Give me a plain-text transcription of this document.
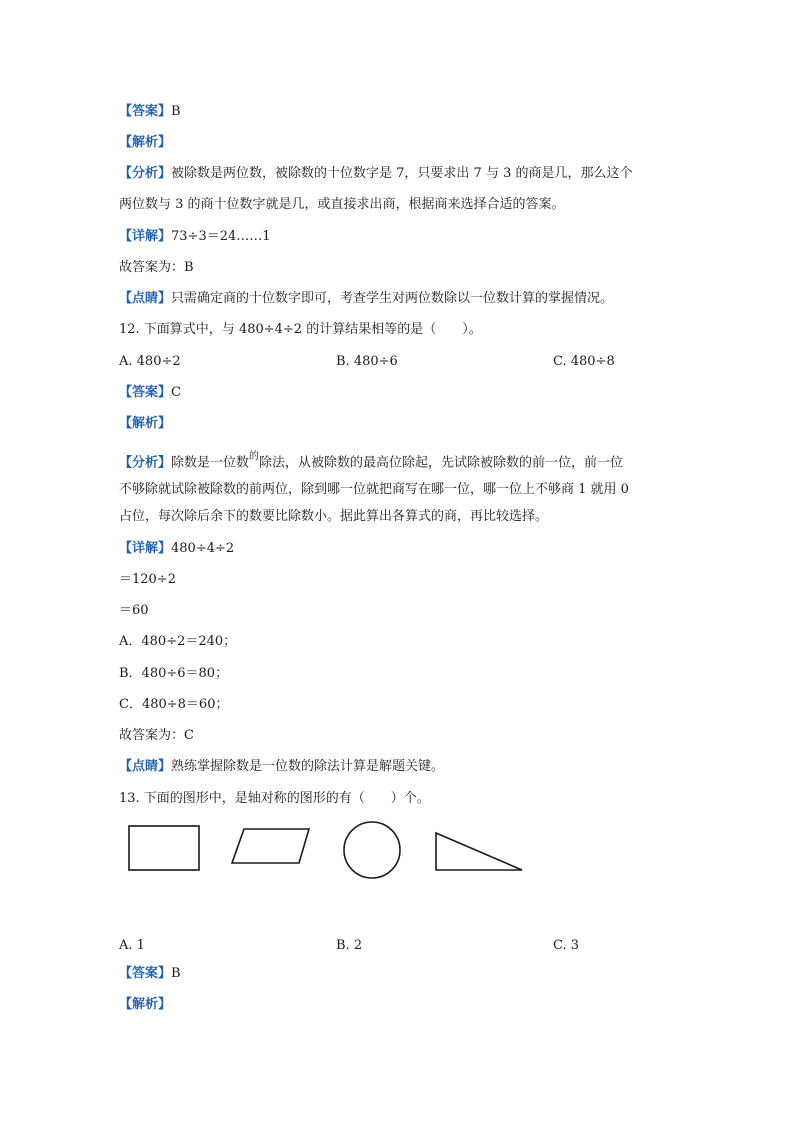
【答案】B
【解析】
【分析】被除数是两位数，被除数的十位数字是 7，只要求出 7 与 3 的商是几，那么这个
两位数与 3 的商十位数字就是几，或直接求出商，根据商来选择合适的答案。
【详解】73÷3＝24……1
故答案为：B
【点睛】只需确定商的十位数字即可，考查学生对两位数除以一位数计算的掌握情况。
12. 下面算式中，与 480÷4÷2 的计算结果相等的是（　　）。
A. 480÷2	B. 480÷6	C. 480÷8
【答案】C
【解析】
【分析】除数是一位数$^的$除法，从被除数的最高位除起，先试除被除数的前一位，前一位
不够除就试除被除数的前两位，除到哪一位就把商写在哪一位，哪一位上不够商 1 就用 0
占位，每次除后余下的数要比除数小。据此算出各算式的商，再比较选择。
【详解】480÷4÷2
＝120÷2
＝60
A．480÷2＝240；
B．480÷6＝80；
C．480÷8＝60；
故答案为：C
【点睛】熟练掌握除数是一位数的除法计算是解题关键。
13. 下面的图形中，是轴对称的图形的有（　　）个。
A. 1	B. 2	C. 3
【答案】B
【解析】
